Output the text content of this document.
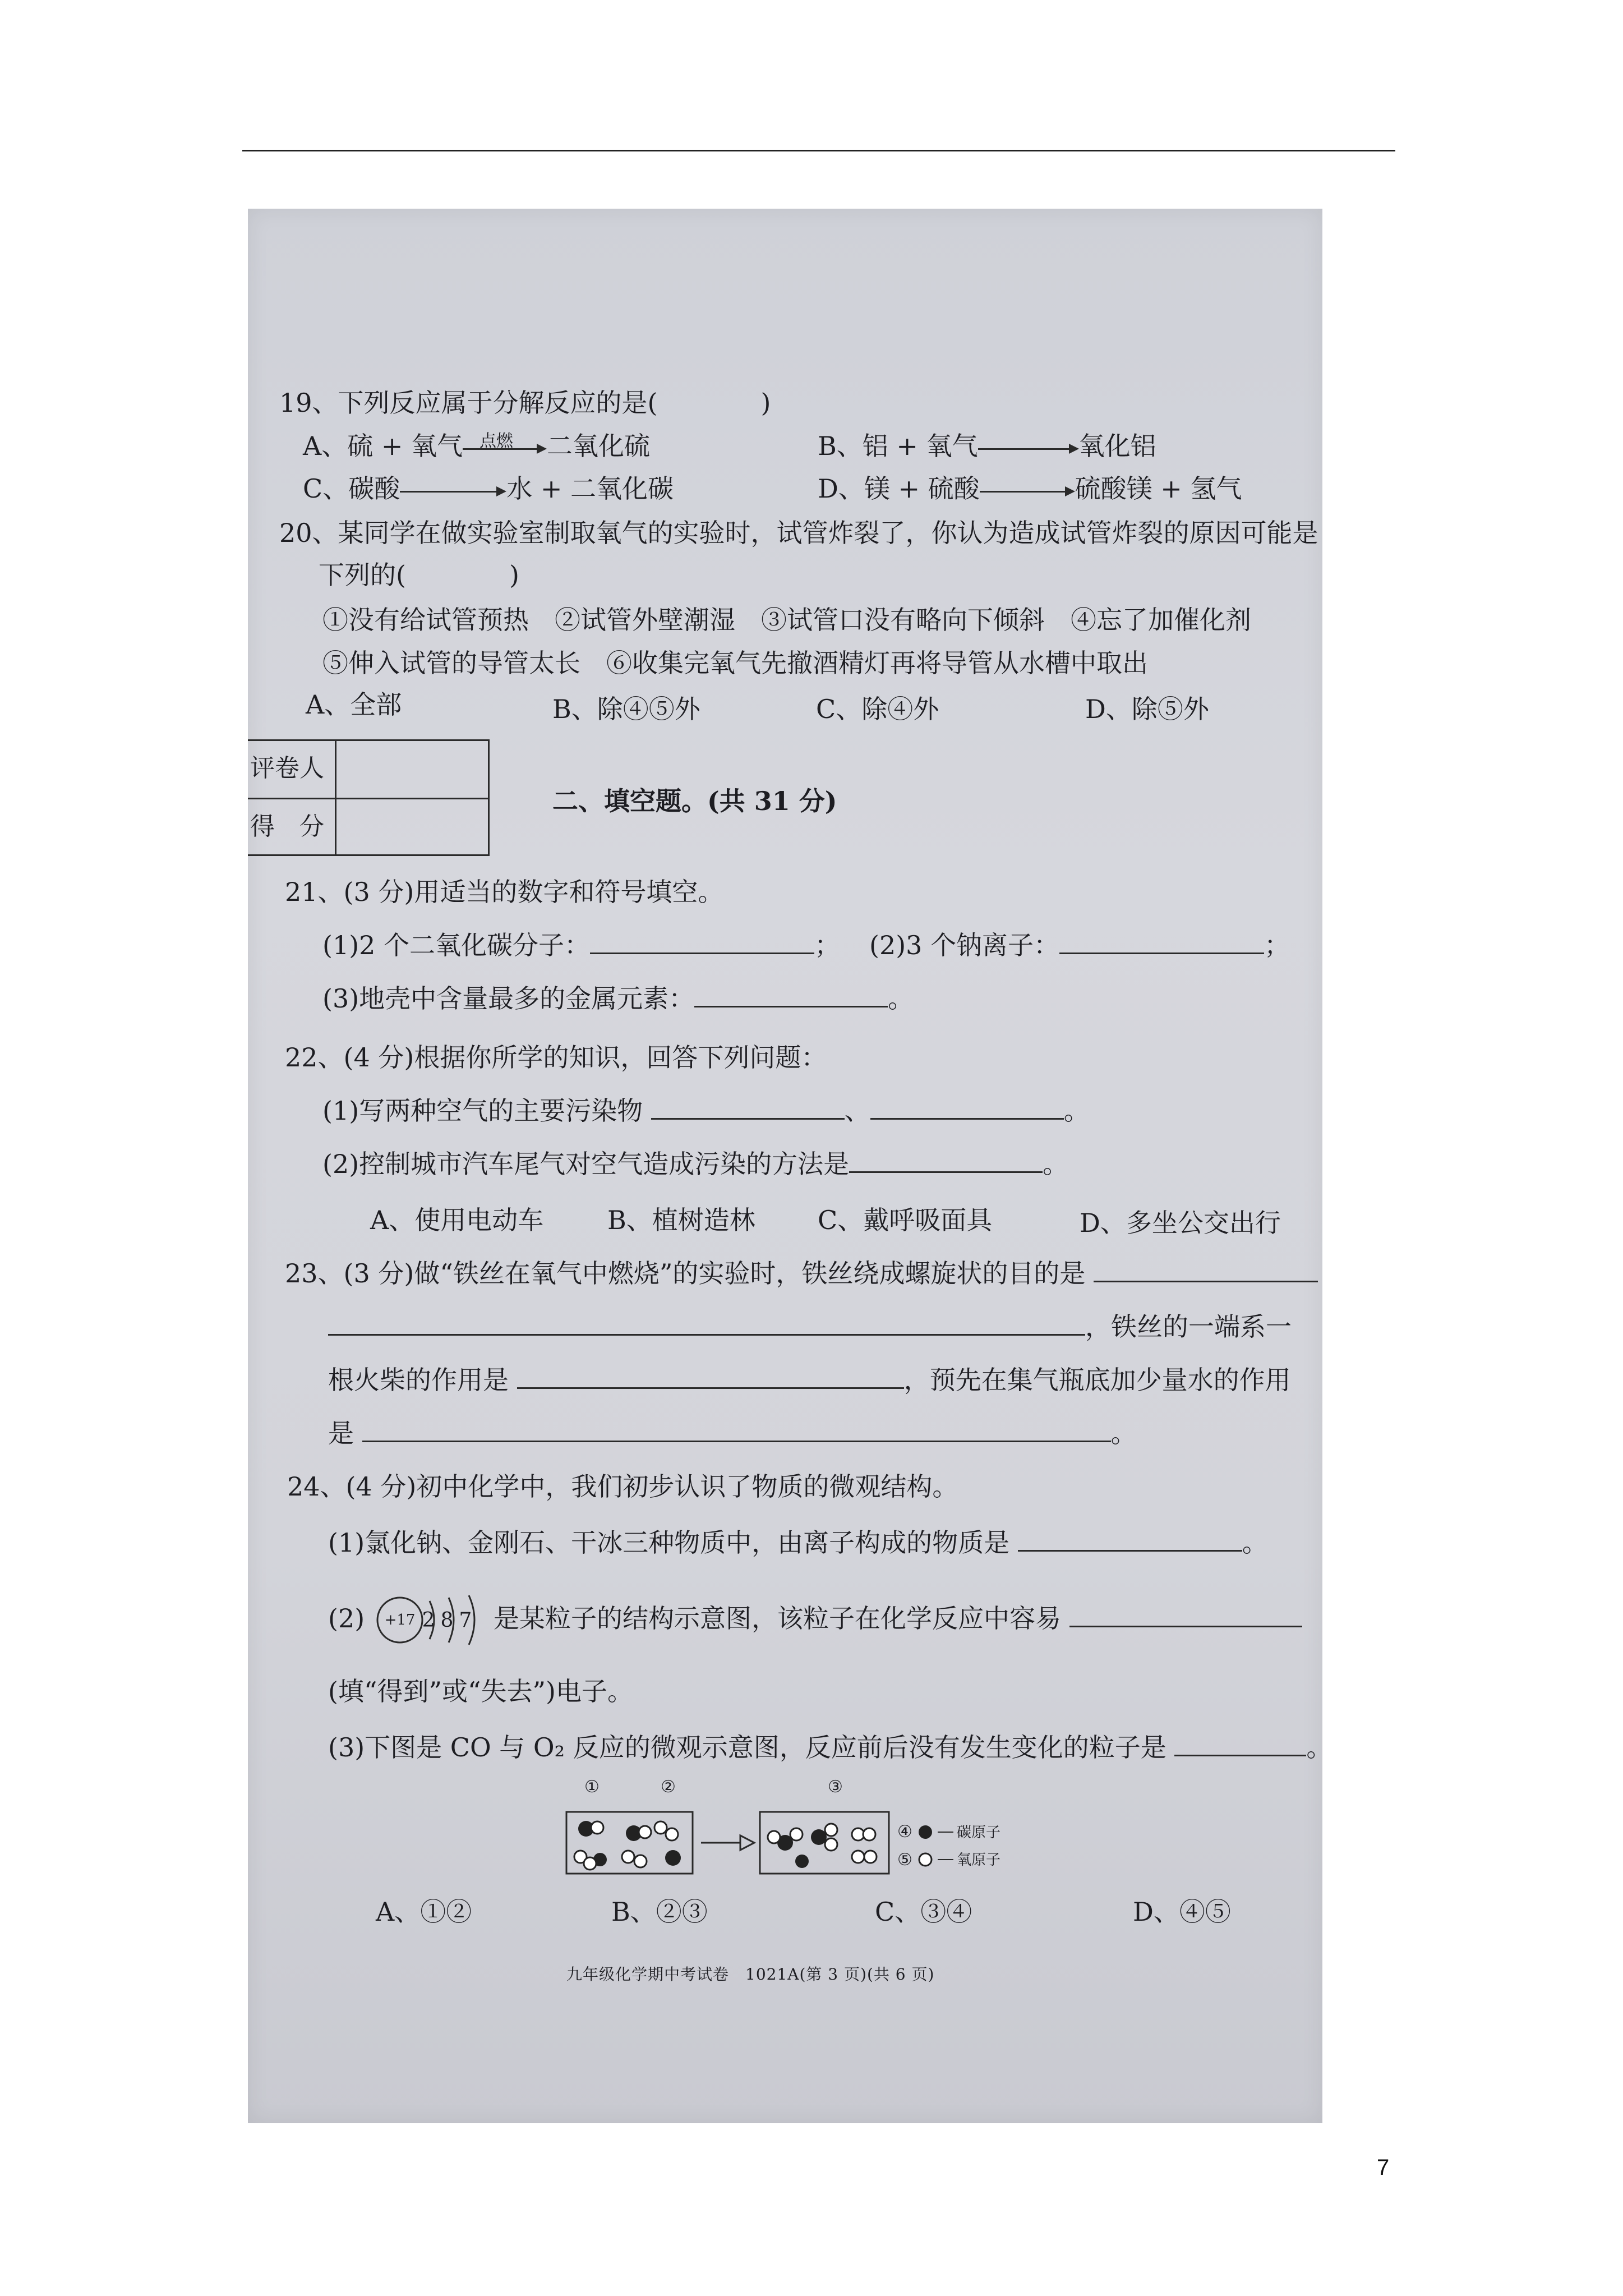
19、下列反应属于分解反应的是(　　　　)
A、硫 + 氧气 点燃 二氧化硫	B、铝 + 氧气	氧化铝
C、碳酸	水 + 二氧化碳	D、镁 + 硫酸	硫酸镁 + 氢气
20、某同学在做实验室制取氧气的实验时，试管炸裂了，你认为造成试管炸裂的原因可能是
下列的(　　　　)
①没有给试管预热　②试管外壁潮湿　③试管口没有略向下倾斜　④忘了加催化剂
⑤伸入试管的导管太长　⑥收集完氧气先撤酒精灯再将导管从水槽中取出
A、全部	B、除④⑤外	C、除④外	D、除⑤外
评卷人
得　分
二、填空题。(共 31 分)
21、(3 分)用适当的数字和符号填空。
(1)2 个二氧化碳分子：	； (2)3 个钠离子：	；
(3)地壳中含量最多的金属元素：	。
22、(4 分)根据你所学的知识，回答下列问题：
(1)写两种空气的主要污染物	、	。
(2)控制城市汽车尾气对空气造成污染的方法是	。
A、使用电动车 B、植树造林 C、戴呼吸面具	D、多坐公交出行
23、(3 分)做“铁丝在氧气中燃烧”的实验时，铁丝绕成螺旋状的目的是
，铁丝的一端系一
根火柴的作用是	，预先在集气瓶底加少量水的作用
是	。
24、(4 分)初中化学中，我们初步认识了物质的微观结构。
(1)氯化钠、金刚石、干冰三种物质中，由离子构成的物质是	。
(2) +17 287 是某粒子的结构示意图，该粒子在化学反应中容易
(填“得到”或“失去”)电子。
(3)下图是 CO 与 O₂ 反应的微观示意图，反应前后没有发生变化的粒子是	。
①	②	③
④	碳原子
⑤	氧原子
A、①②	B、②③	C、③④	D、④⑤
九年级化学期中考试卷　1021A(第 3 页)(共 6 页)
7
